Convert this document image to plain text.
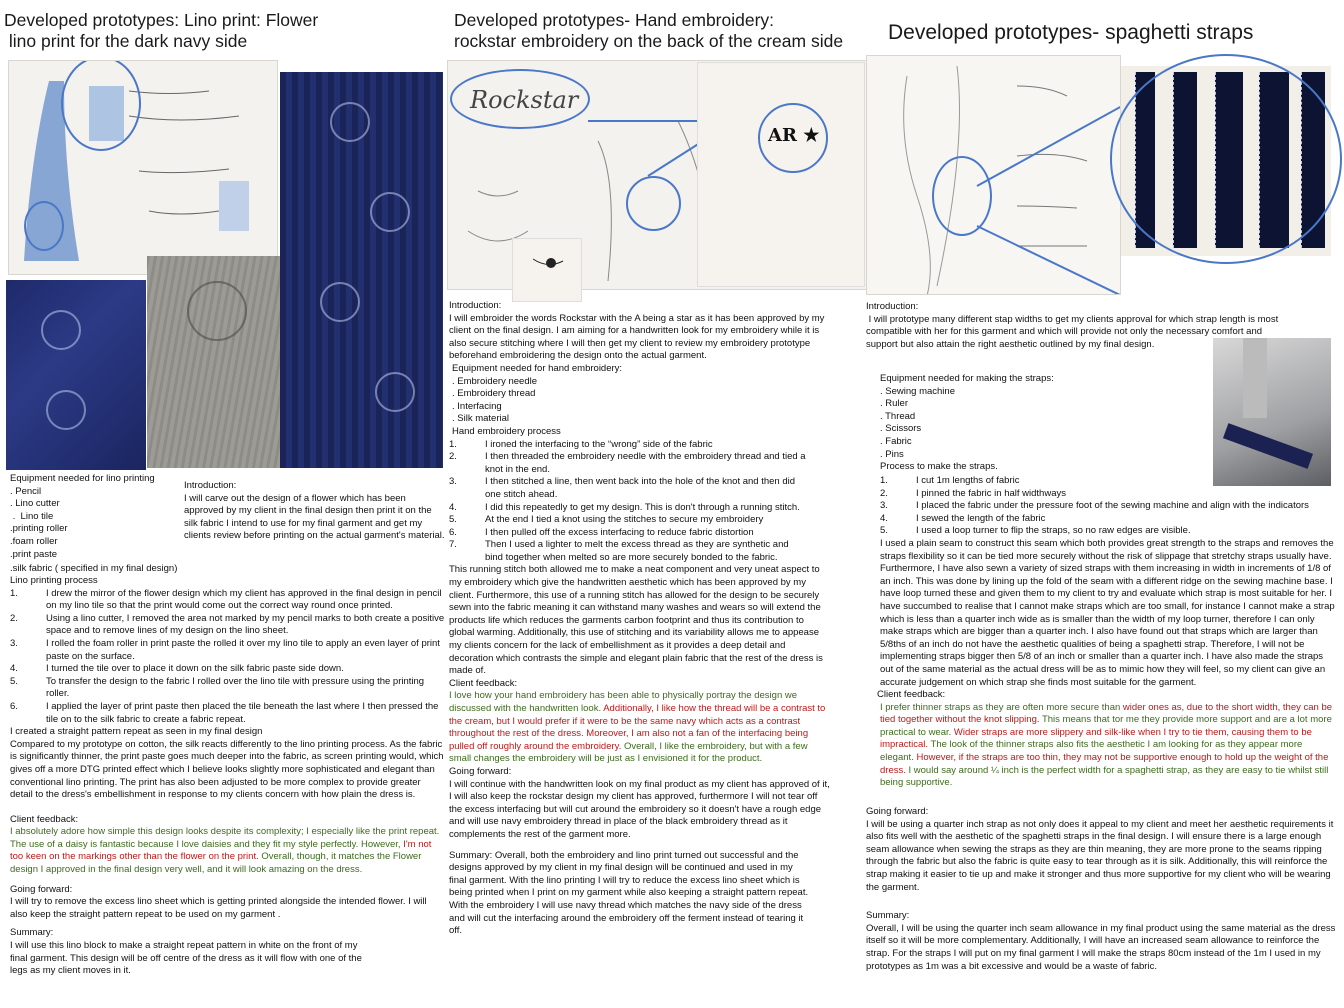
Developed prototypes: Lino print: Flower
lino print for the dark navy side

Equipment needed for lino printing

. Pencil

. Lino cutter

.  Lino tile

.printing roller

.foam roller

.print paste

.silk fabric ( specified in my final design)

Introduction:

I will carve out the design of a flower which has been approved by my client in the final design then print it on the silk fabric I intend to use for my final garment and get my clients review before printing on the actual garment's material.

Lino printing process

1.	I drew the mirror of the flower design which my client has approved in the final design in pencil on my lino tile so that the print would come out the correct way round once printed.
2.	Using a lino cutter, I removed the area not marked by my pencil marks to both create a positive space and to remove lines of my design on the lino sheet.
3.	I rolled the foam roller in print paste the rolled it over my lino tile to apply an even layer of print paste on the surface.
4.	I turned the tile over to place it down on the silk fabric paste side down.
5.	To transfer the design to the fabric I rolled over the lino tile with pressure using the printing roller.
6.	I applied the layer of print paste then placed the tile beneath the last where I then pressed the tile on to the silk fabric to create a fabric repeat.

I created a straight pattern repeat as seen in my final design

Compared to my prototype on cotton, the silk reacts differently to the lino printing process. As the fabric is significantly thinner, the print paste goes much deeper into the fabric, as screen printing would, which gives off a more DTG printed effect which I believe looks slightly more sophisticated and elegant than conventional lino printing. The print has also been adjusted to be more complex to provide greater detail to the dress's embellishment in response to my clients concern with how plain the dress is.

Client feedback:

I absolutely adore how simple this design looks despite its complexity; I especially like the print repeat. The use of a daisy is fantastic because I love daisies and they fit my style perfectly. However, I'm not too keen on the markings other than the flower on the print. Overall, though, it matches the Flower design I approved in the final design very well, and it will look amazing on the dress.

Going forward:

I will try to remove the excess lino sheet which is getting printed alongside the intended flower. I will also keep the straight pattern repeat to be used on my garment .

Summary:

I will use this lino block to make a straight repeat pattern in white on the front of my final garment. This design will be off centre of the dress as it will flow with one of the legs as my client moves in it.

Developed prototypes- Hand embroidery:
rockstar embroidery on the back of the cream side
Rockstar
AR ★

Introduction:

I will embroider the words Rockstar with the A being a star as it has been approved by my client on the final design. I am aiming for a handwritten look for my embroidery while it is also secure stitching where I will then get my client to review my embroidery prototype beforehand embroidering the design onto the actual garment.

Equipment needed for hand embroidery:

. Embroidery needle

. Embroidery thread

. Interfacing

. Silk material

Hand embroidery process

1.	I ironed the interfacing to the “wrong” side of the fabric
2.	I then threaded the embroidery needle with the embroidery thread and tied a knot in the end.
3.	I then stitched a line, then went back into the hole of the knot and then did one stitch ahead.
4.	I did this repeatedly to get my design. This is don't through a running stitch.
5.	At the end I tied a knot using the stitches to secure my embroidery
6.	I then pulled off the excess interfacing to reduce fabric distortion
7.	Then I used a lighter to melt the excess thread as they are synthetic and bind together when melted so are more securely bonded to the fabric.

This running stitch both allowed me to make a neat component and very uneat aspect to my embroidery which give the handwritten aesthetic which has been approved by my client. Furthermore, this use of a running stitch has allowed for the design to be securely sewn into the fabric meaning it can withstand many washes and wears so will extend the products life which reduces the garments carbon footprint and thus its contribution to global warming. Additionally, this use of stitching and its variability allows me to appease my clients concern for the lack of embellishment as it provides a deep detail and decoration which contrasts the simple and elegant plain fabric that the rest of the dress is made of.

Client feedback:

I love how your hand embroidery has been able to physically portray the design we discussed with the handwritten look. Additionally, I like how the thread will be a contrast to the cream, but I would prefer if it were to be the same navy which acts as a contrast throughout the rest of the dress. Moreover, I am also not a fan of the interfacing being pulled off roughly around the embroidery. Overall, I like the embroidery, but with a few small changes the embroidery will be just as I envisioned it for the product.

Going forward:

I will continue with the handwritten look on my final product as my client has approved of it, I will also keep the rockstar design my client has approved, furthermore I will not tear off the excess interfacing but will cut around the embroidery so it doesn't have a rough edge and will use navy embroidery thread in place of the black embroidery thread as it complements the rest of the garment more.

Summary: Overall, both the embroidery and lino print turned out successful and the designs approved by my client in my final design will be continued and used in my final garment. With the lino printing I will try to reduce the excess lino sheet which is being printed when I print on my garment while also keeping a straight pattern repeat. With the embroidery I will use navy thread which matches the navy side of the dress and will cut the interfacing around the embroidery off the ferment instead of tearing it off.

Developed prototypes- spaghetti straps

Introduction:

I will prototype many different stap widths to get my clients approval for which strap length is most compatible with her for this garment and which will provide not only the necessary comfort and support but also attain the right aesthetic outlined by my final design.

Equipment needed for making the straps:

. Sewing machine

. Ruler

. Thread

. Scissors

. Fabric

. Pins

Process to make the straps.

1.	I cut 1m lengths of fabric
2.	I pinned the fabric in half widthways
3.	I placed the fabric under the pressure foot of the sewing machine and align with the indicators
4.	I sewed the length of the fabric
5.	I used a loop turner to flip the straps, so no raw edges are visible.

I used a plain seam to construct this seam which both provides great strength to the straps and removes the straps flexibility so it can be tied more securely without the risk of slippage that stretchy straps usually have. Furthermore, I have also sewn a variety of sized straps with them increasing in width in increments of 1/8 of an inch. This was done by lining up the fold of the seam with a different ridge on the sewing machine base. I have loop turned these and given them to my client to try and evaluate which strap is most suitable for her. I have succumbed to realise that I cannot make straps which are too small, for instance I cannot make a strap which is less than a quarter inch wide as is smaller than the width of my loop turner, therefore I can only make straps which are bigger than a quarter inch. I also have found out that straps which are larger than 5/8ths of an inch do not have the aesthetic qualities of being a spaghetti strap. Therefore, I will not be implementing straps bigger then 5/8 of an inch or smaller than a quarter inch. I have also made the straps out of the same material as the actual dress will be as to mimic how they will feel, so my client can give an accurate judgement on which strap she finds most suitable for the garment.

Client feedback:

I prefer thinner straps as they are often more secure than wider ones as, due to the short width, they can be tied together without the knot slipping. This means that tor me they provide more support and are a lot more practical to wear. Wider straps are more slippery and silk-like when I try to tie them, causing them to be impractical. The look of the thinner straps also fits the aesthetic I am looking for as they appear more elegant. However, if the straps are too thin, they may not be supportive enough to hold up the weight of the dress. I would say around ¼ inch is the perfect width for a spaghetti strap, as they are easy to tie whilst still being supportive.

Going forward:

I will be using a quarter inch strap as not only does it appeal to my client and meet her aesthetic requirements it also fits well with the aesthetic of the spaghetti straps in the final design. I will ensure there is a large enough seam allowance when sewing the straps as they are thin meaning, they are more prone to the seams ripping through the fabric but also the fabric is quite easy to tear through as it is silk. Additionally, this will reinforce the strap making it easier to tie up and make it stronger and thus more supportive for my client who will be wearing the garment.

Summary:

Overall, I will be using the quarter inch seam allowance in my final product using the same material as the dress itself so it will be more complementary. Additionally, I will have an increased seam allowance to reinforce the strap. For the straps I will put on my final garment I will make the straps 80cm instead of the 1m I used in my prototypes as 1m was a bit excessive and would be a waste of fabric.
